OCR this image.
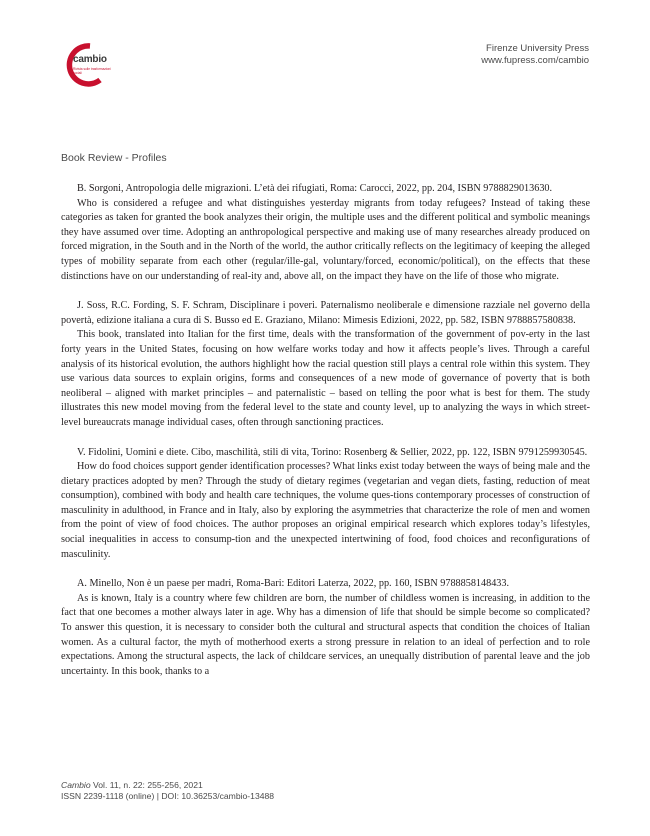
cambio
Rivista sulle trasformazioni sociali
Firenze University Press
www.fupress.com/cambio
Book Review - Profiles

B. Sorgoni, Antropologia delle migrazioni. L’età dei rifugiati, Roma: Carocci, 2022, pp. 204, ISBN 9788829013630.

Who is considered a refugee and what distinguishes yesterday migrants from today refugees? Instead of taking these categories as taken for granted the book analyzes their origin, the multiple uses and the different political and symbolic meanings they have assumed over time. Adopting an anthropological perspective and making use of many researches already produced on forced migration, in the South and in the North of the world, the author critically reflects on the legitimacy of keeping the alleged types of mobility separate from each other (regular/ille-gal, voluntary/forced, economic/political), on the effects that these distinctions have on our understanding of real-ity and, above all, on the impact they have on the life of those who migrate.

J. Soss, R.C. Fording, S. F. Schram, Disciplinare i poveri. Paternalismo neoliberale e dimensione razziale nel governo della povertà, edizione italiana a cura di S. Busso ed E. Graziano, Milano: Mimesis Edizioni, 2022, pp. 582, ISBN 9788857580838.

This book, translated into Italian for the first time, deals with the transformation of the government of pov-erty in the last forty years in the United States, focusing on how welfare works today and how it affects people’s lives. Through a careful analysis of its historical evolution, the authors highlight how the racial question still plays a central role within this system. They use various data sources to explain origins, forms and consequences of a new mode of governance of poverty that is both neoliberal – aligned with market principles – and paternalistic – based on telling the poor what is best for them. The study illustrates this new model moving from the federal level to the state and county level, up to analyzing the ways in which street-level bureaucrats manage individual cases, often through sanctioning practices.

V. Fidolini, Uomini e diete. Cibo, maschilità, stili di vita, Torino: Rosenberg & Sellier, 2022, pp. 122, ISBN 9791259930545.

How do food choices support gender identification processes? What links exist today between the ways of being male and the dietary practices adopted by men? Through the study of dietary regimes (vegetarian and vegan diets, fasting, reduction of meat consumption), combined with body and health care techniques, the volume ques-tions contemporary processes of construction of masculinity in adulthood, in France and in Italy, also by exploring the asymmetries that characterize the role of men and women from the point of view of food choices. The author proposes an original empirical research which explores today’s lifestyles, social inequalities in access to consump-tion and the unexpected intertwining of food, food choices and reconfigurations of masculinity.

A. Minello, Non è un paese per madri, Roma-Bari: Editori Laterza, 2022, pp. 160, ISBN 9788858148433.

As is known, Italy is a country where few children are born, the number of childless women is increasing, in addition to the fact that one becomes a mother always later in age. Why has a dimension of life that should be simple become so complicated? To answer this question, it is necessary to consider both the cultural and structural aspects that condition the choices of Italian women. As a cultural factor, the myth of motherhood exerts a strong pressure in relation to an ideal of perfection and to role expectations. Among the structural aspects, the lack of childcare services, an unequally distribution of parental leave and the job uncertainty. In this book, thanks to a

Cambio Vol. 11, n. 22: 255-256, 2021
ISSN 2239-1118 (online) | DOI: 10.36253/cambio-13488
